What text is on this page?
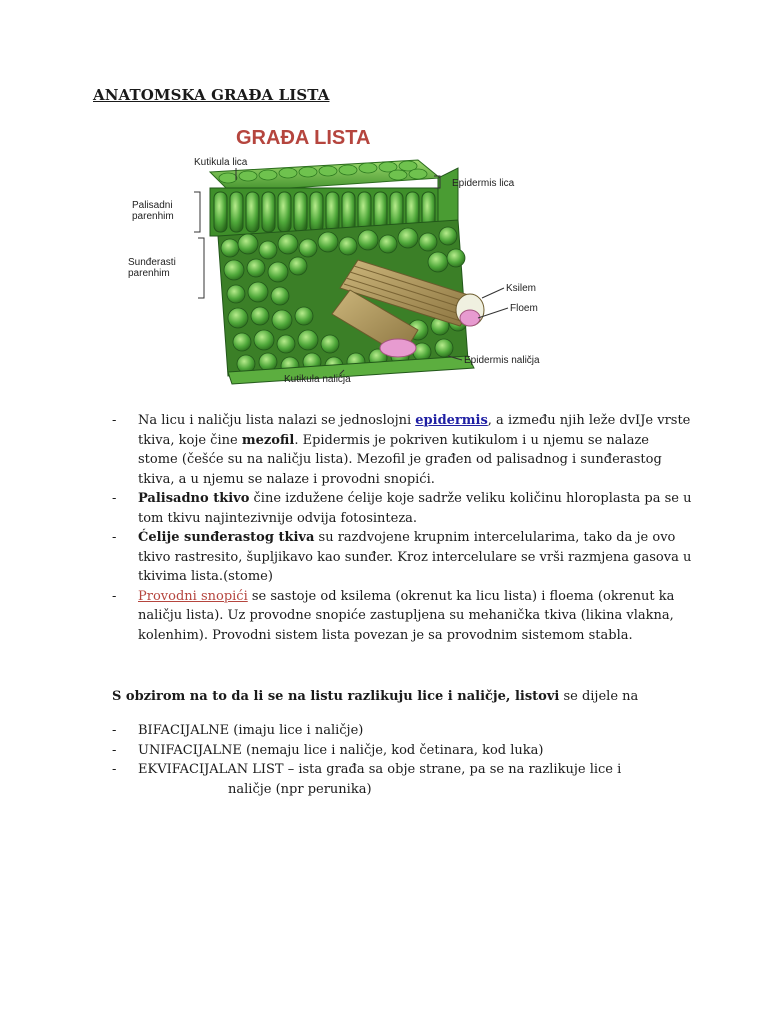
ANATOMSKA GRAĐA LISTA
GRAĐA LISTA
Kutikula lica
Palisadni
parenhim
Sunđerasti
parenhim
Epidermis lica
Ksilem
Floem
Epidermis naličja
Kutikula naličja
- Na licu i naličju lista nalazi se jednoslojni epidermis, a između njih leže dvIJe vrste tkiva, koje čine mezofil. Epidermis je pokriven kutikulom i u njemu se nalaze stome (češće su na naličju lista). Mezofil je građen od palisadnog i sunđerastog tkiva, a u njemu se nalaze i provodni snopići.
- Palisadno tkivo čine izdužene ćelije koje sadrže veliku količinu hloroplasta pa se u tom tkivu najintezivnije odvija fotosinteza.
- Ćelije sunđerastog tkiva su razdvojene krupnim intercelularima, tako da je ovo tkivo rastresito, šupljikavo kao sunđer. Kroz intercelulare se vrši razmjena gasova u tkivima lista.(stome)
- Provodni snopići se sastoje od ksilema (okrenut ka licu lista) i floema (okrenut ka naličju lista). Uz provodne snopiće zastupljena su mehanička tkiva (likina vlakna, kolenhim). Provodni sistem lista povezan je sa provodnim sistemom stabla.
S obzirom na to da li se na listu razlikuju lice i naličje, listovi se dijele na
- BIFACIJALNE (imaju lice i naličje)
- UNIFACIJALNE (nemaju lice i naličje, kod četinara, kod luka)
- EKVIFACIJALAN LIST – ista građa sa obje strane, pa se na razlikuje lice i
naličje (npr perunika)
